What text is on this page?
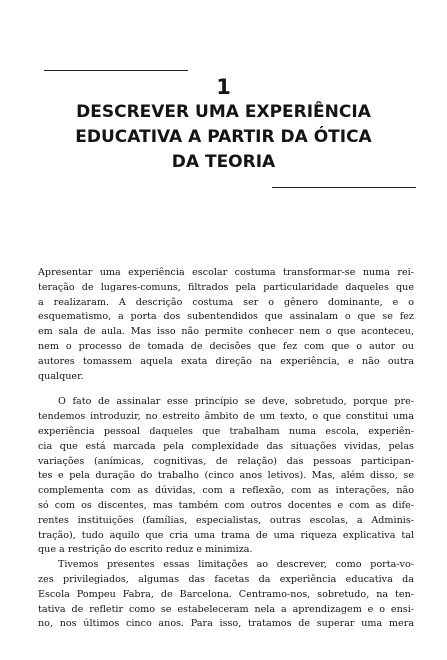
1
DESCREVER UMA EXPERIÊNCIA
EDUCATIVA A PARTIR DA ÓTICA
DA TEORIA
Apresentar uma experiência escolar costuma transformar-se numa rei-
teração de lugares-comuns, filtrados pela particularidade daqueles que
a realizaram. A descrição costuma ser o gênero dominante, e o
esquematismo, a porta dos subentendidos que assinalam o que se fez
em sala de aula. Mas isso não permite conhecer nem o que aconteceu,
nem o processo de tomada de decisões que fez com que o autor ou
autores tomassem aquela exata direção na experiência, e não outra
qualquer.
O fato de assinalar esse princípio se deve, sobretudo, porque pre-
tendemos introduzir, no estreito âmbito de um texto, o que constitui uma
experiência pessoal daqueles que trabalham numa escola, experiên-
cia que está marcada pela complexidade das situações vividas, pelas
variações (anímicas, cognitivas, de relação) das pessoas participan-
tes e pela duração do trabalho (cinco anos letivos). Mas, além disso, se
complementa com as dúvidas, com a reflexão, com as interações, não
só com os discentes, mas também com outros docentes e com as dife-
rentes instituições (famílias, especialistas, outras escolas, a Adminis-
tração), tudo aquilo que cria uma trama de uma riqueza explicativa tal
que a restrição do escrito reduz e minimiza.
Tivemos presentes essas limitações ao descrever, como porta-vo-
zes privilegiados, algumas das facetas da experiência educativa da
Escola Pompeu Fabra, de Barcelona. Centramo-nos, sobretudo, na ten-
tativa de refletir como se estabeleceram nela a aprendizagem e o ensi-
no, nos últimos cinco anos. Para isso, tratamos de superar uma mera
